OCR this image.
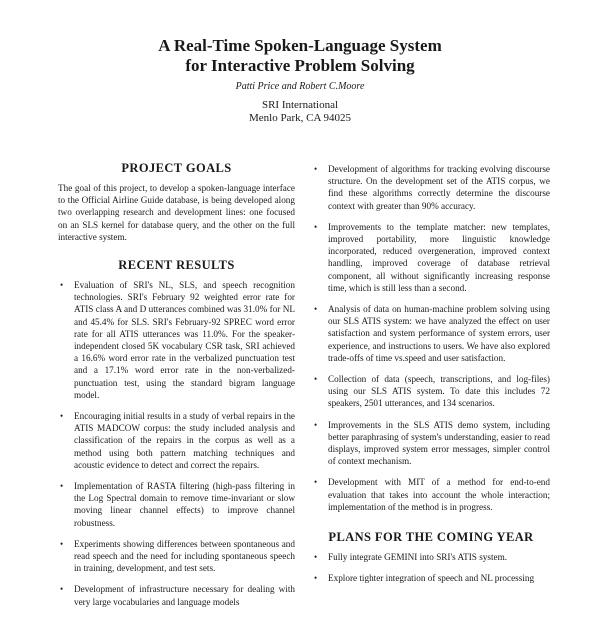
A Real-Time Spoken-Language System
for Interactive Problem Solving
Patti Price and Robert C.Moore
SRI International
Menlo Park, CA 94025
PROJECT GOALS
The goal of this project, to develop a spoken-language interface to the Official Airline Guide database, is being developed along two overlapping research and development lines: one focused on an SLS kernel for database query, and the other on the full interactive system.
RECENT RESULTS
• Evaluation of SRI's NL, SLS, and speech recognition technologies. SRI's February 92 weighted error rate for ATIS class A and D utterances combined was 31.0% for NL and 45.4% for SLS. SRI's February-92 SPREC word error rate for all ATIS utterances was 11.0%. For the speaker-independent closed 5K vocabulary CSR task, SRI achieved a 16.6% word error rate in the verbalized punctuation test and a 17.1% word error rate in the non-verbalized-punctuation test, using the standard bigram language model.
• Encouraging initial results in a study of verbal repairs in the ATIS MADCOW corpus: the study included analysis and classification of the repairs in the corpus as well as a method using both pattern matching techniques and acoustic evidence to detect and correct the repairs.
• Implementation of RASTA filtering (high-pass filtering in the Log Spectral domain to remove time-invariant or slow moving linear channel effects) to improve channel robustness.
• Experiments showing differences between spontaneous and read speech and the need for including spontaneous speech in training, development, and test sets.
• Development of infrastructure necessary for dealing with very large vocabularies and language models
• Development of algorithms for tracking evolving discourse structure. On the development set of the ATIS corpus, we find these algorithms correctly determine the discourse context with greater than 90% accuracy.
• Improvements to the template matcher: new templates, improved portability, more linguistic knowledge incorporated, reduced overgeneration, improved context handling, improved coverage of database retrieval component, all without significantly increasing response time, which is still less than a second.
• Analysis of data on human-machine problem solving using our SLS ATIS system: we have analyzed the effect on user satisfaction and system performance of system errors, user experience, and instructions to users. We have also explored trade-offs of time vs.speed and user satisfaction.
• Collection of data (speech, transcriptions, and log-files) using our SLS ATIS system. To date this includes 72 speakers, 2501 utterances, and 134 scenarios.
• Improvements in the SLS ATIS demo system, including better paraphrasing of system's understanding, easier to read displays, improved system error messages, simpler control of context mechanism.
• Development with MIT of a method for end-to-end evaluation that takes into account the whole interaction; implementation of the method is in progress.
PLANS FOR THE COMING YEAR
• Fully integrate GEMINI into SRI's ATIS system.
• Explore tighter integration of speech and NL processing
